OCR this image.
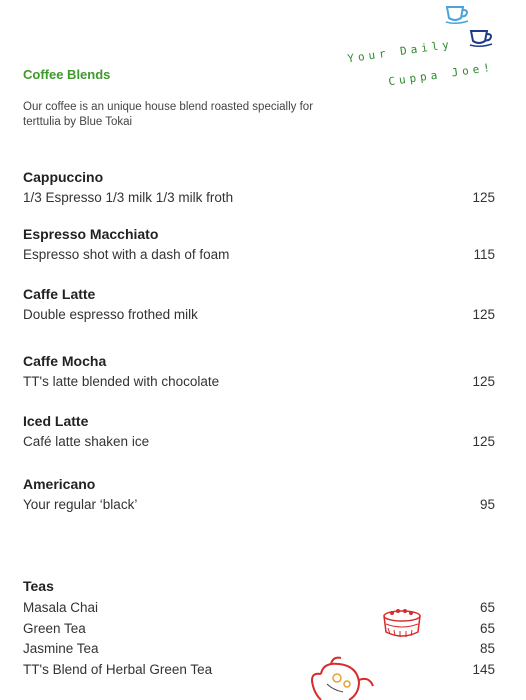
Your Daily
Cuppa Joe!
Coffee Blends
Our coffee is an unique house blend roasted specially for terttulia by Blue Tokai
Cappuccino
1/3 Espresso 1/3 milk 1/3 milk froth	125
Espresso Macchiato
Espresso shot with a dash of foam	115
Caffe Latte
Double espresso frothed milk	125
Caffe Mocha
TT's latte blended with chocolate	125
Iced Latte
Café latte shaken ice	125
Americano
Your regular ‘black’	95
Teas
Masala Chai	65
Green Tea	65
Jasmine Tea	85
TT's Blend of Herbal Green Tea	145
